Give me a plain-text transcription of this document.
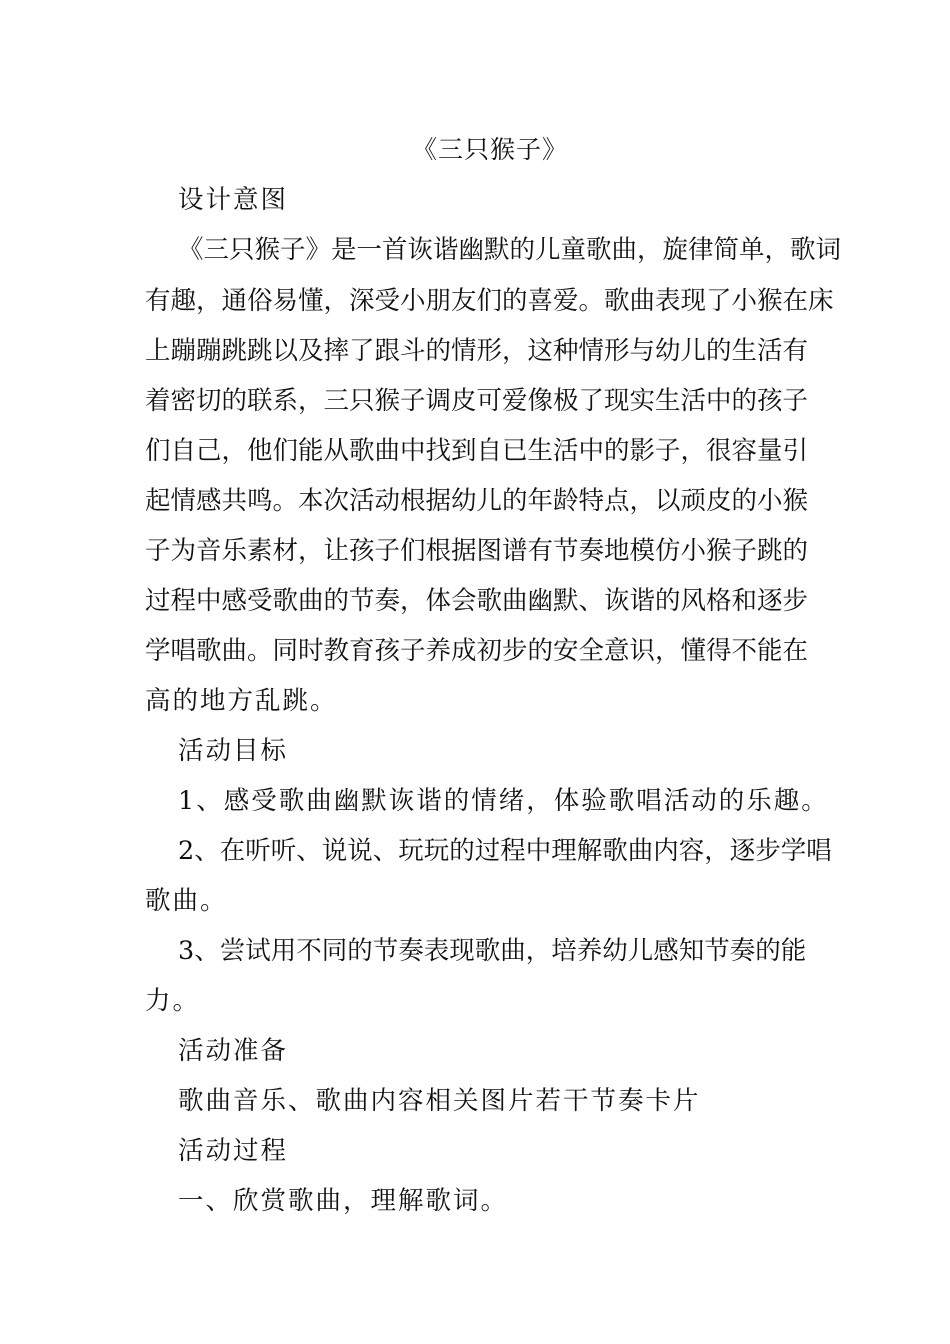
《三只猴子》
设计意图
《三只猴子》是一首诙谐幽默的儿童歌曲，旋律简单，歌词
有趣，通俗易懂，深受小朋友们的喜爱。歌曲表现了小猴在床
上蹦蹦跳跳以及摔了跟斗的情形，这种情形与幼儿的生活有
着密切的联系，三只猴子调皮可爱像极了现实生活中的孩子
们自己，他们能从歌曲中找到自已生活中的影子，很容量引
起情感共鸣。本次活动根据幼儿的年龄特点，以顽皮的小猴
子为音乐素材，让孩子们根据图谱有节奏地模仿小猴子跳的
过程中感受歌曲的节奏，体会歌曲幽默、诙谐的风格和逐步
学唱歌曲。同时教育孩子养成初步的安全意识，懂得不能在
高的地方乱跳。
活动目标
1、感受歌曲幽默诙谐的情绪，体验歌唱活动的乐趣。
2、在听听、说说、玩玩的过程中理解歌曲内容，逐步学唱
歌曲。
3、尝试用不同的节奏表现歌曲，培养幼儿感知节奏的能
力。
活动准备
歌曲音乐、歌曲内容相关图片若干节奏卡片
活动过程
一、欣赏歌曲，理解歌词。
